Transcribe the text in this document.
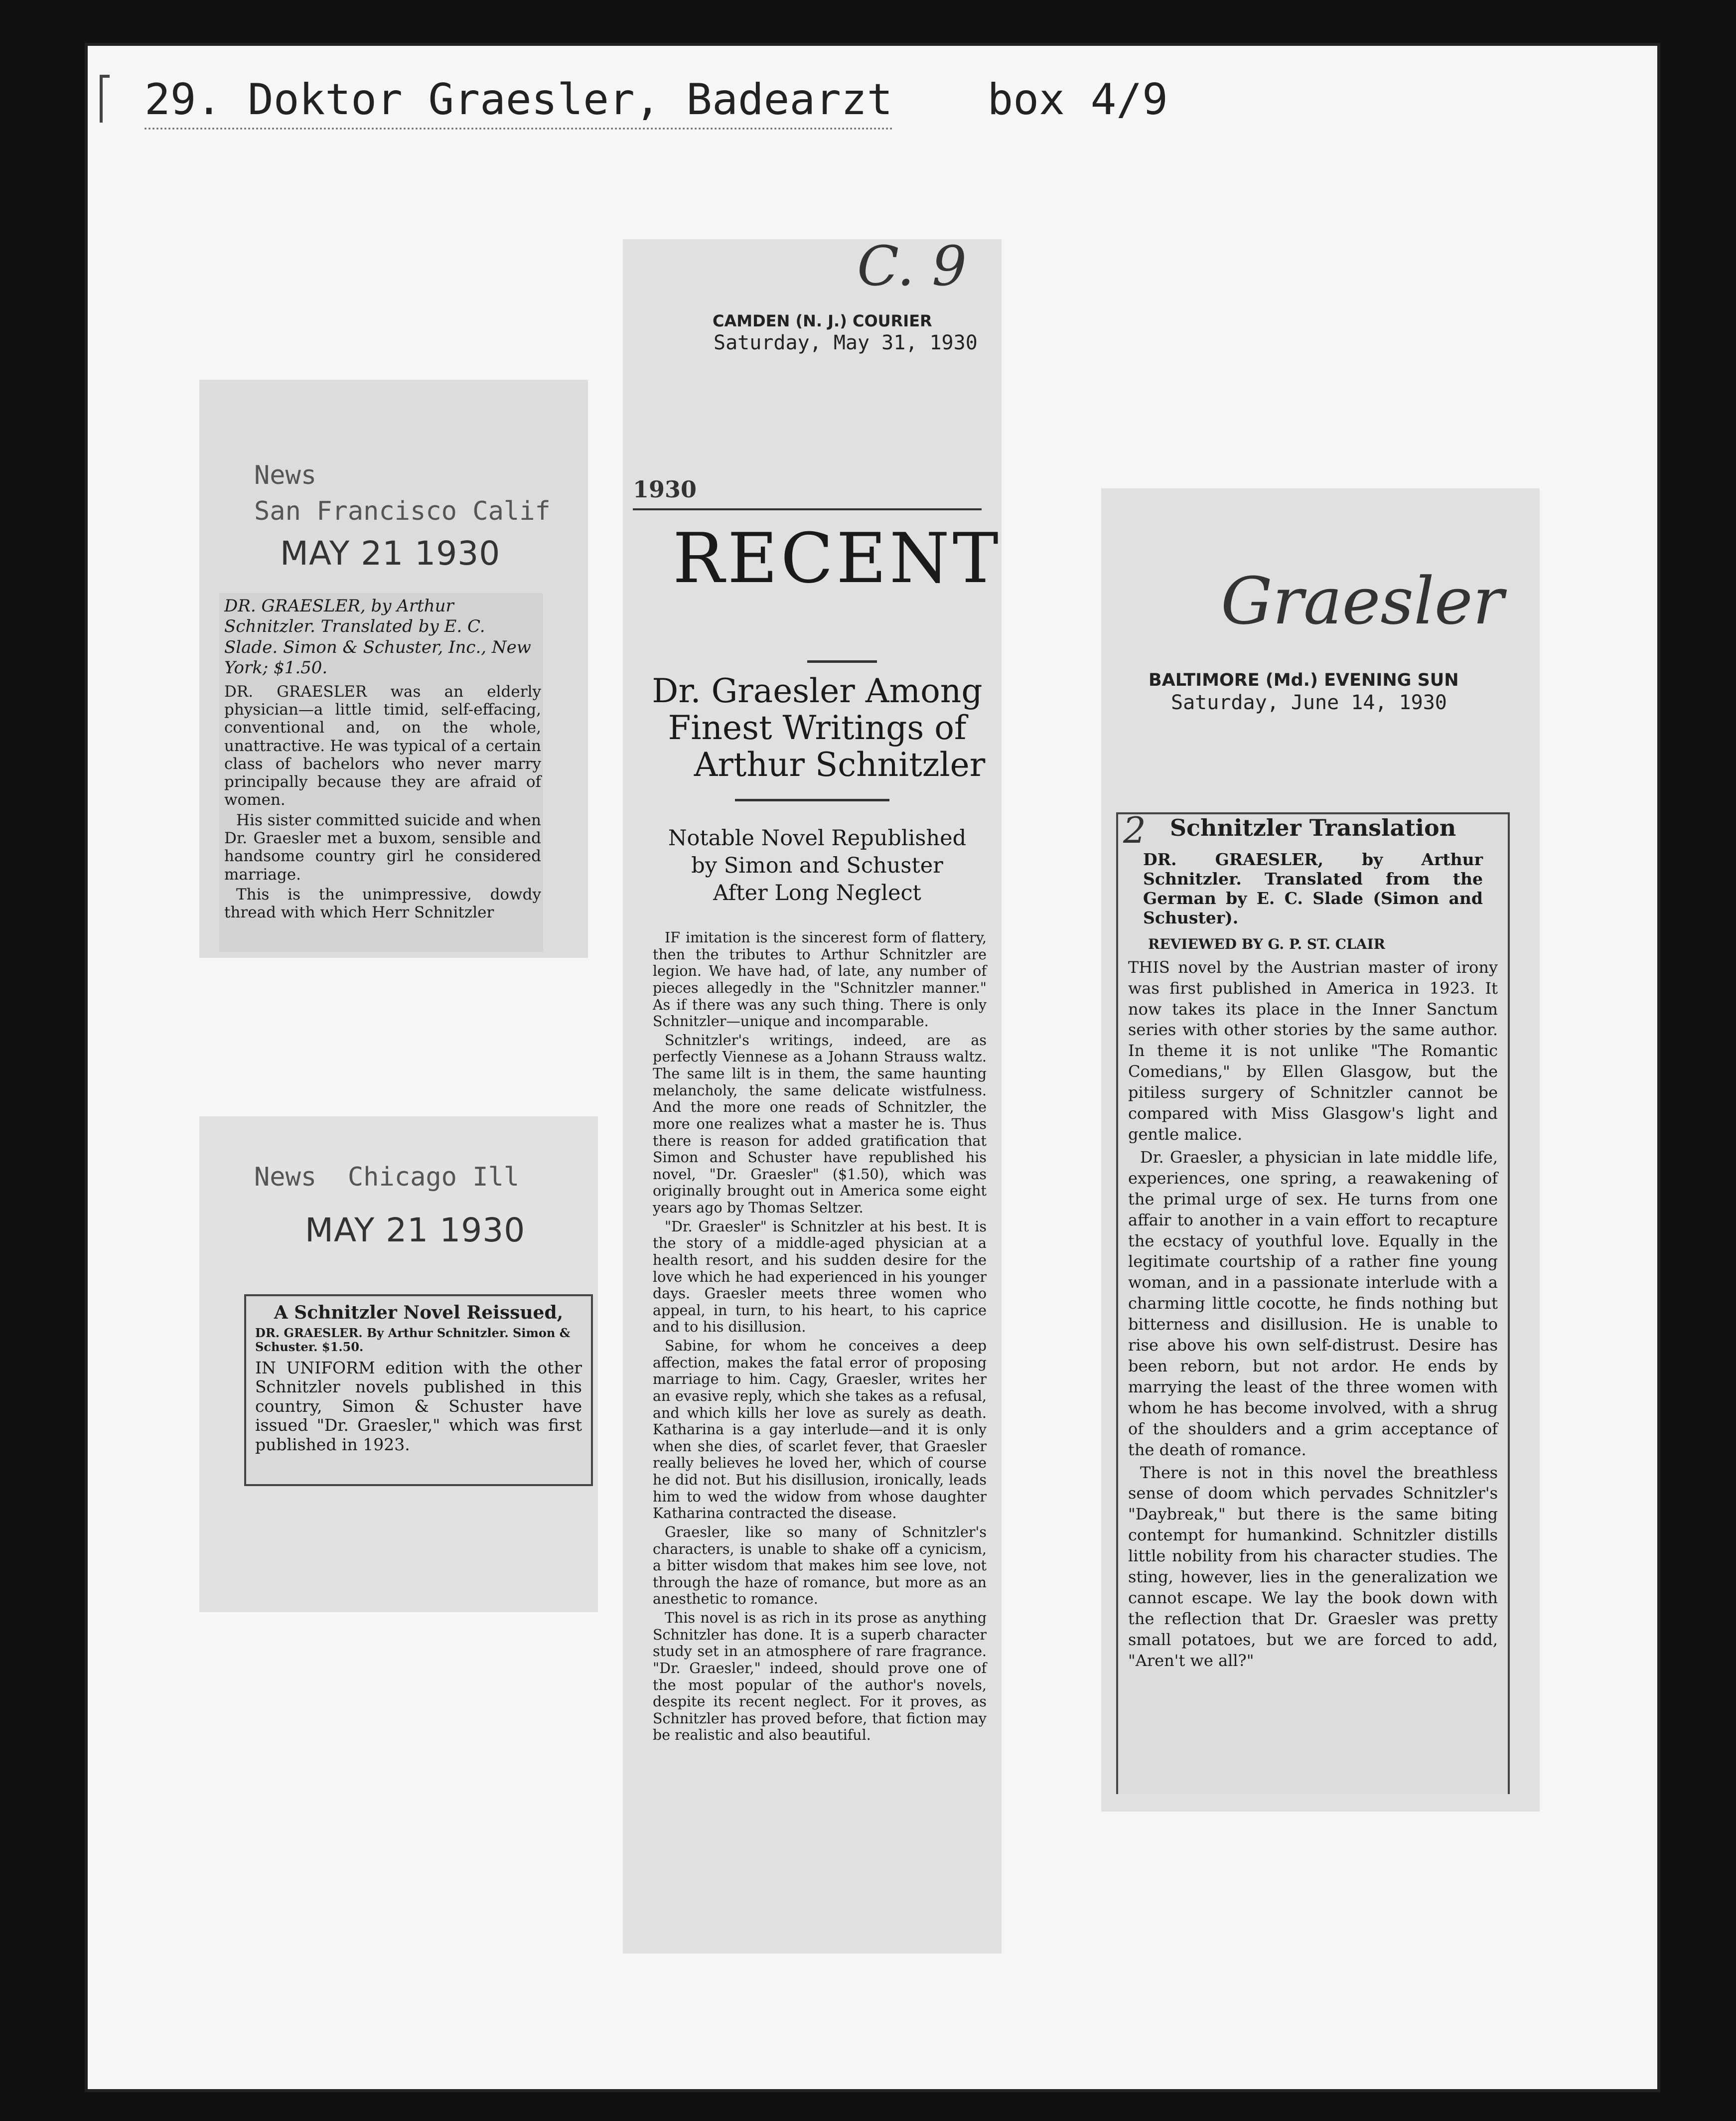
29. Doktor Graesler, Badearzt box 4/9
News
San Francisco Calif
MAY 21 1930
DR. GRAESLER, by Arthur Schnitzler. Translated by E. C. Slade. Simon & Schuster, Inc., New York; $1.50.

DR. GRAESLER was an elderly physician—a little timid, self-effacing, conventional and, on the whole, unattractive. He was typical of a certain class of bachelors who never marry principally because they are afraid of women.

His sister committed suicide and when Dr. Graesler met a buxom, sensible and handsome country girl he considered marriage.

This is the unimpressive, dowdy thread with which Herr Schnitzler

News  Chicago Ill
MAY 21 1930
A Schnitzler Novel Reissued,
DR. GRAESLER. By Arthur Schnitzler. Simon & Schuster. $1.50.
IN UNIFORM edition with the other Schnitzler novels published in this country, Simon & Schuster have issued "Dr. Graesler," which was first published in 1923.
C. 9
CAMDEN (N. J.) COURIER
Saturday, May 31, 1930
1930
RECENT
Dr. Graesler Among
Finest Writings of
Arthur Schnitzler
Notable Novel Republished
by Simon and Schuster
After Long Neglect

IF imitation is the sincerest form of flattery, then the tributes to Arthur Schnitzler are legion. We have had, of late, any number of pieces allegedly in the "Schnitzler manner." As if there was any such thing. There is only Schnitzler—unique and incomparable.

Schnitzler's writings, indeed, are as perfectly Viennese as a Johann Strauss waltz. The same lilt is in them, the same haunting melancholy, the same delicate wistfulness. And the more one reads of Schnitzler, the more one realizes what a master he is. Thus there is reason for added gratification that Simon and Schuster have republished his novel, "Dr. Graesler" ($1.50), which was originally brought out in America some eight years ago by Thomas Seltzer.

"Dr. Graesler" is Schnitzler at his best. It is the story of a middle-aged physician at a health resort, and his sudden desire for the love which he had experienced in his younger days. Graesler meets three women who appeal, in turn, to his heart, to his caprice and to his disillusion.

Sabine, for whom he conceives a deep affection, makes the fatal error of proposing marriage to him. Cagy, Graesler, writes her an evasive reply, which she takes as a refusal, and which kills her love as surely as death. Katharina is a gay interlude—and it is only when she dies, of scarlet fever, that Graesler really believes he loved her, which of course he did not. But his disillusion, ironically, leads him to wed the widow from whose daughter Katharina contracted the disease.

Graesler, like so many of Schnitzler's characters, is unable to shake off a cynicism, a bitter wisdom that makes him see love, not through the haze of romance, but more as an anesthetic to romance.

This novel is as rich in its prose as anything Schnitzler has done. It is a superb character study set in an atmosphere of rare fragrance. "Dr. Graesler," indeed, should prove one of the most popular of the author's novels, despite its recent neglect. For it proves, as Schnitzler has proved before, that fiction may be realistic and also beautiful.

Graesler
BALTIMORE (Md.) EVENING SUN
Saturday, June 14, 1930
2	Schnitzler Translation
DR. GRAESLER, by Arthur Schnitzler. Translated from the German by E. C. Slade (Simon and Schuster).
REVIEWED BY G. P. ST. CLAIR

THIS novel by the Austrian master of irony was first published in America in 1923. It now takes its place in the Inner Sanctum series with other stories by the same author. In theme it is not unlike "The Romantic Comedians," by Ellen Glasgow, but the pitiless surgery of Schnitzler cannot be compared with Miss Glasgow's light and gentle malice.

Dr. Graesler, a physician in late middle life, experiences, one spring, a reawakening of the primal urge of sex. He turns from one affair to another in a vain effort to recapture the ecstacy of youthful love. Equally in the legitimate courtship of a rather fine young woman, and in a passionate interlude with a charming little cocotte, he finds nothing but bitterness and disillusion. He is unable to rise above his own self-distrust. Desire has been reborn, but not ardor. He ends by marrying the least of the three women with whom he has become involved, with a shrug of the shoulders and a grim acceptance of the death of romance.

There is not in this novel the breathless sense of doom which pervades Schnitzler's "Daybreak," but there is the same biting contempt for humankind. Schnitzler distills little nobility from his character studies. The sting, however, lies in the generalization we cannot escape. We lay the book down with the reflection that Dr. Graesler was pretty small potatoes, but we are forced to add, "Aren't we all?"
